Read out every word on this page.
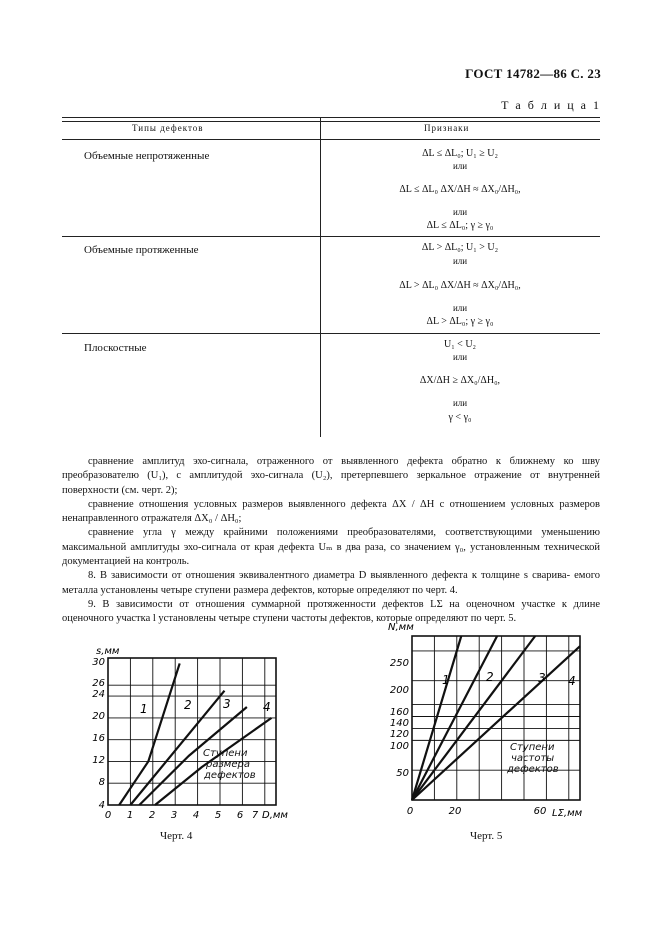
ГОСТ 14782—86 С. 23
Т а б л и ц а 1
Типы дефектов	Признаки
Объемные непротяженные	ΔL ≤ ΔL₀; U₁ ≥ U₂
или
ΔL ≤ ΔL₀ ΔX/ΔH ≈ ΔX₀/ΔH₀,
или
ΔL ≤ ΔL₀; γ ≥ γ₀
Объемные протяженные	ΔL > ΔL₀; U₁ > U₂
или
ΔL > ΔL₀ ΔX/ΔH ≈ ΔX₀/ΔH₀,
или
ΔL > ΔL₀; γ ≥ γ₀
Плоскостные	U₁ < U₂
или
ΔX/ΔH ≥ ΔX₀/ΔH₀,
или
γ < γ₀

сравнение амплитуд эхо-сигнала, отраженного от выявленного дефекта обратно к ближнему ко шву преобразователю (U₁), с амплитудой эхо-сигнала (U₂), претерпевшего зеркальное отражение от внутренней поверхности (см. черт. 2);

сравнение отношения условных размеров выявленного дефекта ΔX / ΔH с отношением условных размеров ненаправленного отражателя ΔX₀ / ΔH₀;

сравнение угла γ между крайними положениями преобразователями, соответствующими уменьшению максимальной амплитуды эхо-сигнала от края дефекта Uₘ в два раза, со значением γ₀, установленным технической документацией на контроль.

8. В зависимости от отношения эквивалентного диаметра D выявленного дефекта к толщине s сварива- емого металла установлены четыре ступени размера дефектов, которые определяют по черт. 4.

9. В зависимости от отношения суммарной протяженности дефектов LΣ на оценочном участке к длине оценочного участка l установлены четыре ступени частоты дефектов, которые определяют по черт. 5.

s,мм
D,мм
30
26
24
20
16
12
8
4
0 1 2 3 4 5 6 7
1	2	3	4
Ступени
размера
дефектов
Черт. 4
N,мм
LΣ,мм
250
200
160
140
120
100
50
0	20	60
1	2	3 4
Ступени
частоты
дефектов
Черт. 5
